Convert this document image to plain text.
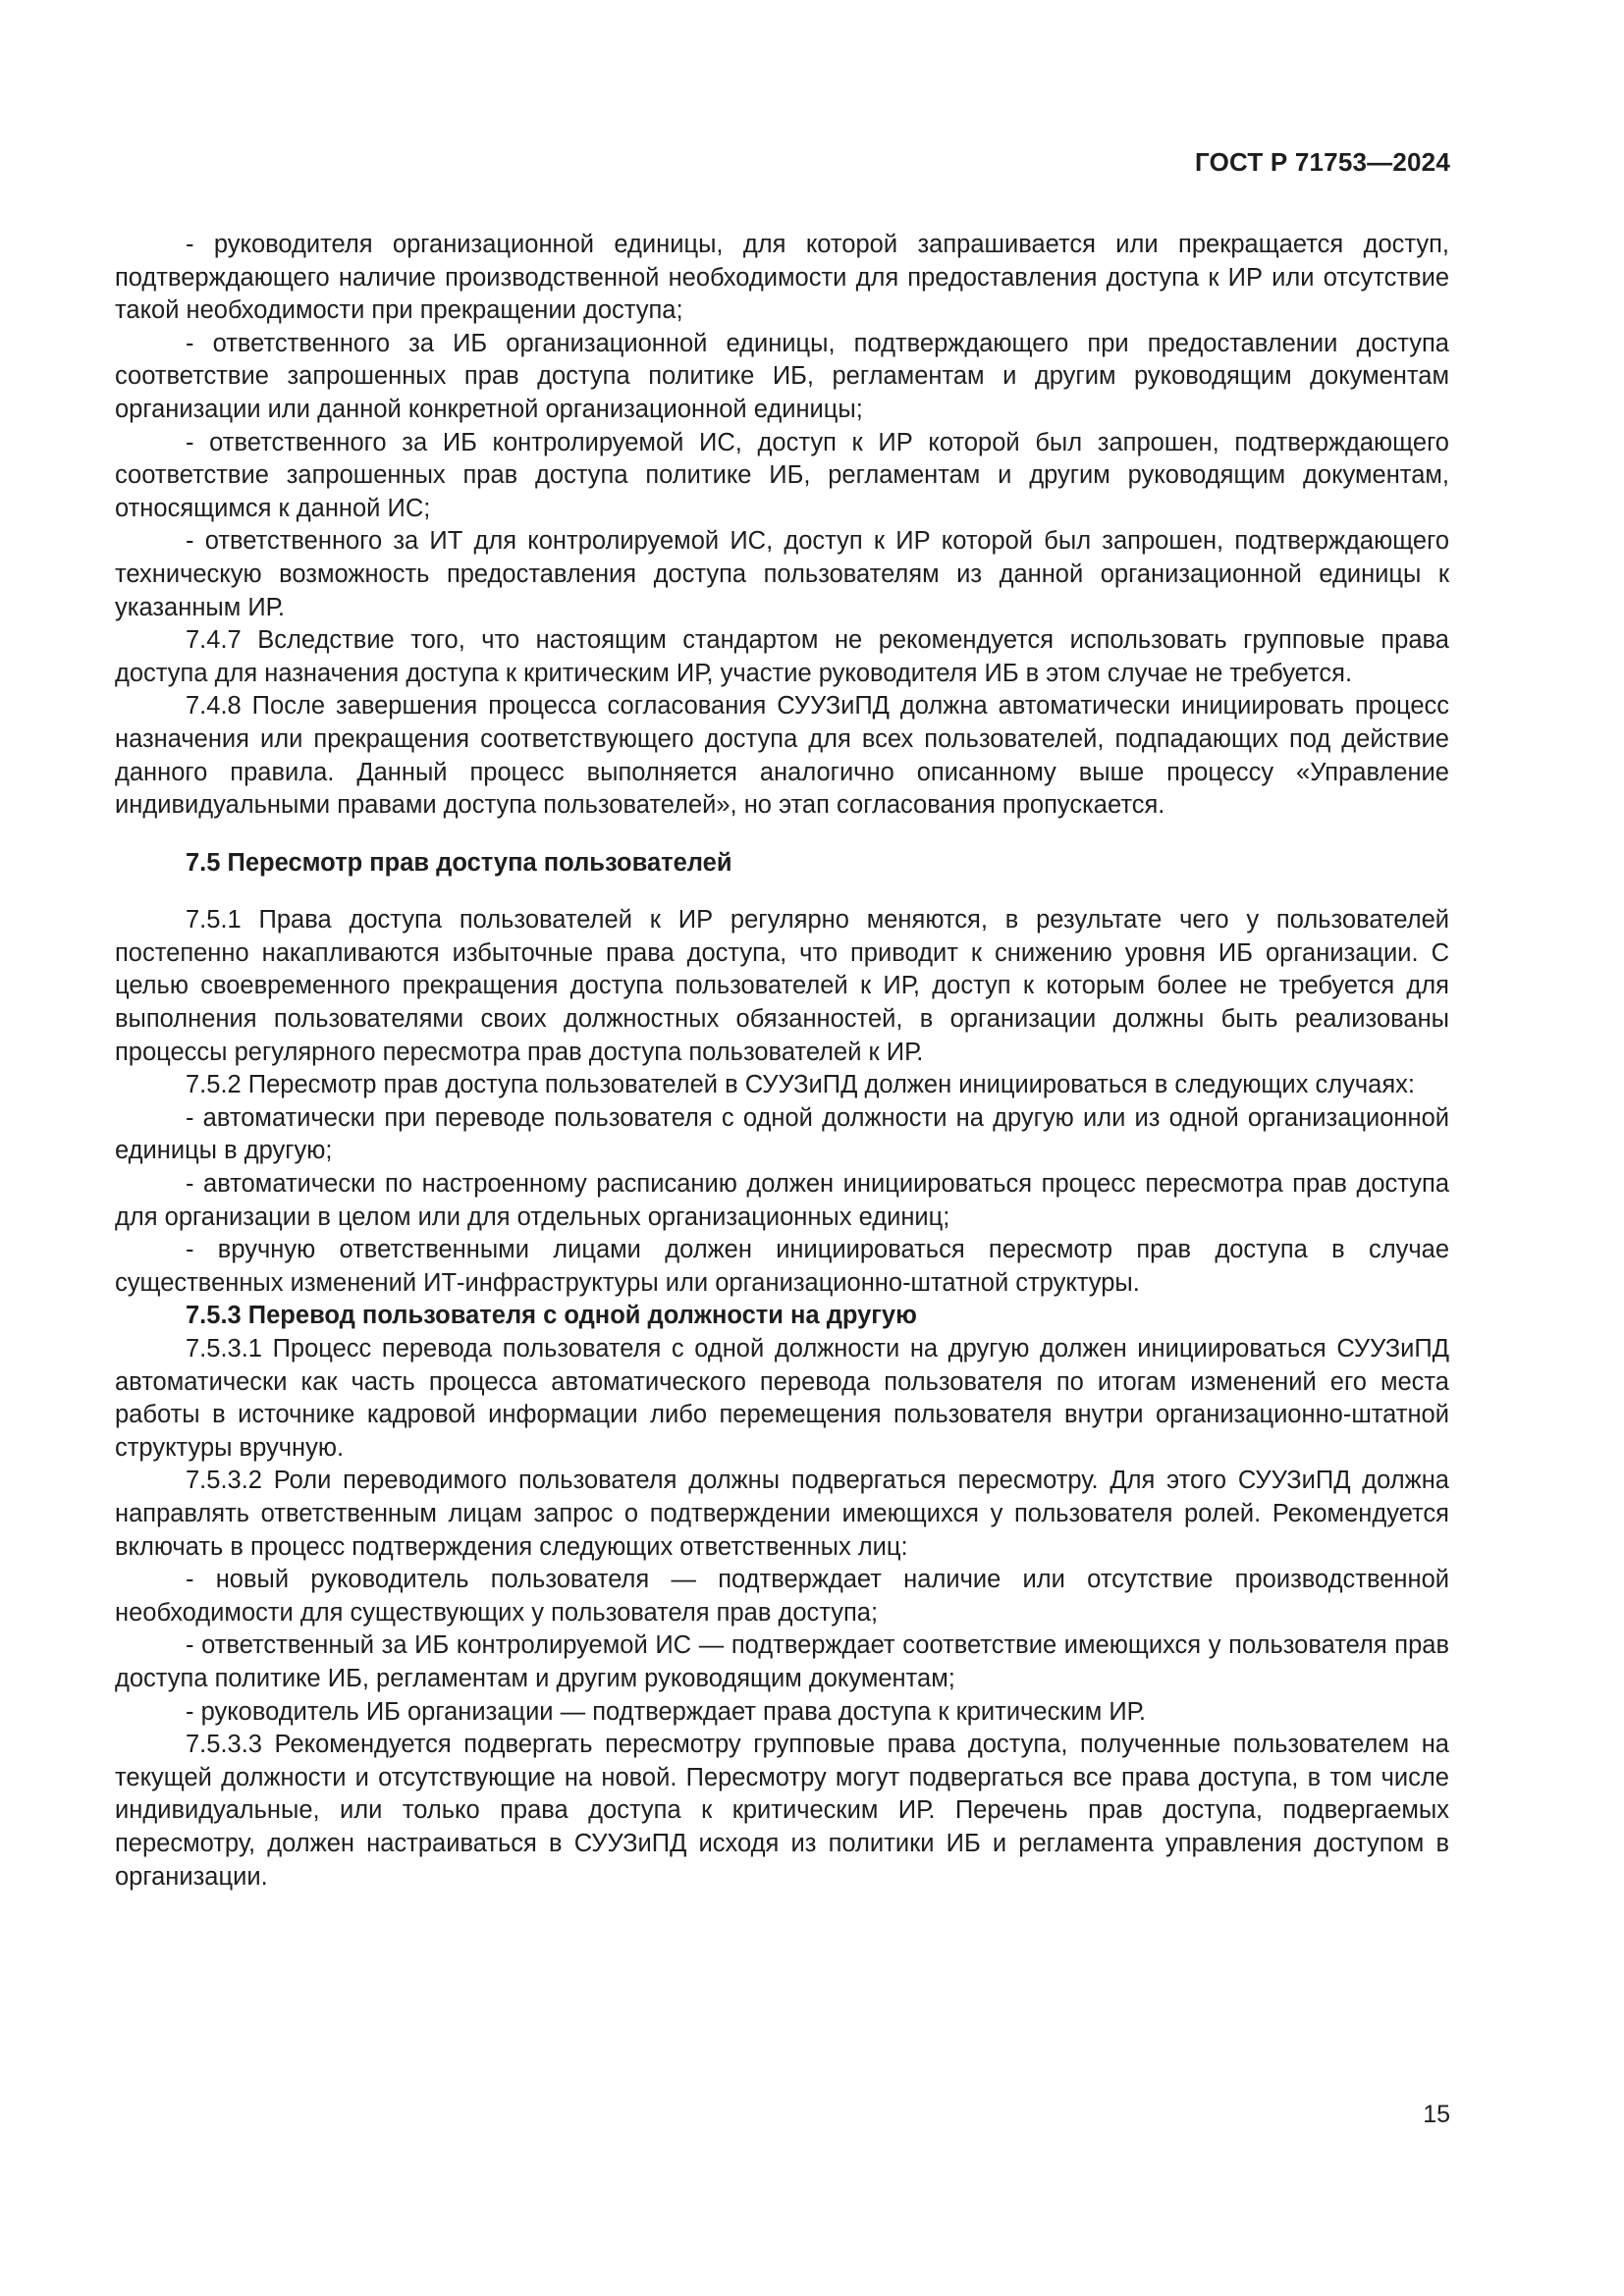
ГОСТ Р 71753—2024

- руководителя организационной единицы, для которой запрашивается или прекращается доступ, подтверждающего наличие производственной необходимости для предоставления доступа к ИР или отсутствие такой необходимости при прекращении доступа;

- ответственного за ИБ организационной единицы, подтверждающего при предоставлении доступа соответствие запрошенных прав доступа политике ИБ, регламентам и другим руководящим документам организации или данной конкретной организационной единицы;

- ответственного за ИБ контролируемой ИС, доступ к ИР которой был запрошен, подтверждающего соответствие запрошенных прав доступа политике ИБ, регламентам и другим руководящим документам, относящимся к данной ИС;

- ответственного за ИТ для контролируемой ИС, доступ к ИР которой был запрошен, подтверждающего техническую возможность предоставления доступа пользователям из данной организационной единицы к указанным ИР.

7.4.7 Вследствие того, что настоящим стандартом не рекомендуется использовать групповые права доступа для назначения доступа к критическим ИР, участие руководителя ИБ в этом случае не требуется.

7.4.8 После завершения процесса согласования СУУЗиПД должна автоматически инициировать процесс назначения или прекращения соответствующего доступа для всех пользователей, подпадающих под действие данного правила. Данный процесс выполняется аналогично описанному выше процессу «Управление индивидуальными правами доступа пользователей», но этап согласования пропускается.

7.5 Пересмотр прав доступа пользователей

7.5.1 Права доступа пользователей к ИР регулярно меняются, в результате чего у пользователей постепенно накапливаются избыточные права доступа, что приводит к снижению уровня ИБ организации. С целью своевременного прекращения доступа пользователей к ИР, доступ к которым более не требуется для выполнения пользователями своих должностных обязанностей, в организации должны быть реализованы процессы регулярного пересмотра прав доступа пользователей к ИР.

7.5.2 Пересмотр прав доступа пользователей в СУУЗиПД должен инициироваться в следующих случаях:

- автоматически при переводе пользователя с одной должности на другую или из одной организационной единицы в другую;

- автоматически по настроенному расписанию должен инициироваться процесс пересмотра прав доступа для организации в целом или для отдельных организационных единиц;

- вручную ответственными лицами должен инициироваться пересмотр прав доступа в случае существенных изменений ИТ-инфраструктуры или организационно-штатной структуры.

7.5.3 Перевод пользователя с одной должности на другую

7.5.3.1 Процесс перевода пользователя с одной должности на другую должен инициироваться СУУЗиПД автоматически как часть процесса автоматического перевода пользователя по итогам изменений его места работы в источнике кадровой информации либо перемещения пользователя внутри организационно-штатной структуры вручную.

7.5.3.2 Роли переводимого пользователя должны подвергаться пересмотру. Для этого СУУЗиПД должна направлять ответственным лицам запрос о подтверждении имеющихся у пользователя ролей. Рекомендуется включать в процесс подтверждения следующих ответственных лиц:

- новый руководитель пользователя — подтверждает наличие или отсутствие производственной необходимости для существующих у пользователя прав доступа;

- ответственный за ИБ контролируемой ИС — подтверждает соответствие имеющихся у пользователя прав доступа политике ИБ, регламентам и другим руководящим документам;

- руководитель ИБ организации — подтверждает права доступа к критическим ИР.

7.5.3.3 Рекомендуется подвергать пересмотру групповые права доступа, полученные пользователем на текущей должности и отсутствующие на новой. Пересмотру могут подвергаться все права доступа, в том числе индивидуальные, или только права доступа к критическим ИР. Перечень прав доступа, подвергаемых пересмотру, должен настраиваться в СУУЗиПД исходя из политики ИБ и регламента управления доступом в организации.

15
